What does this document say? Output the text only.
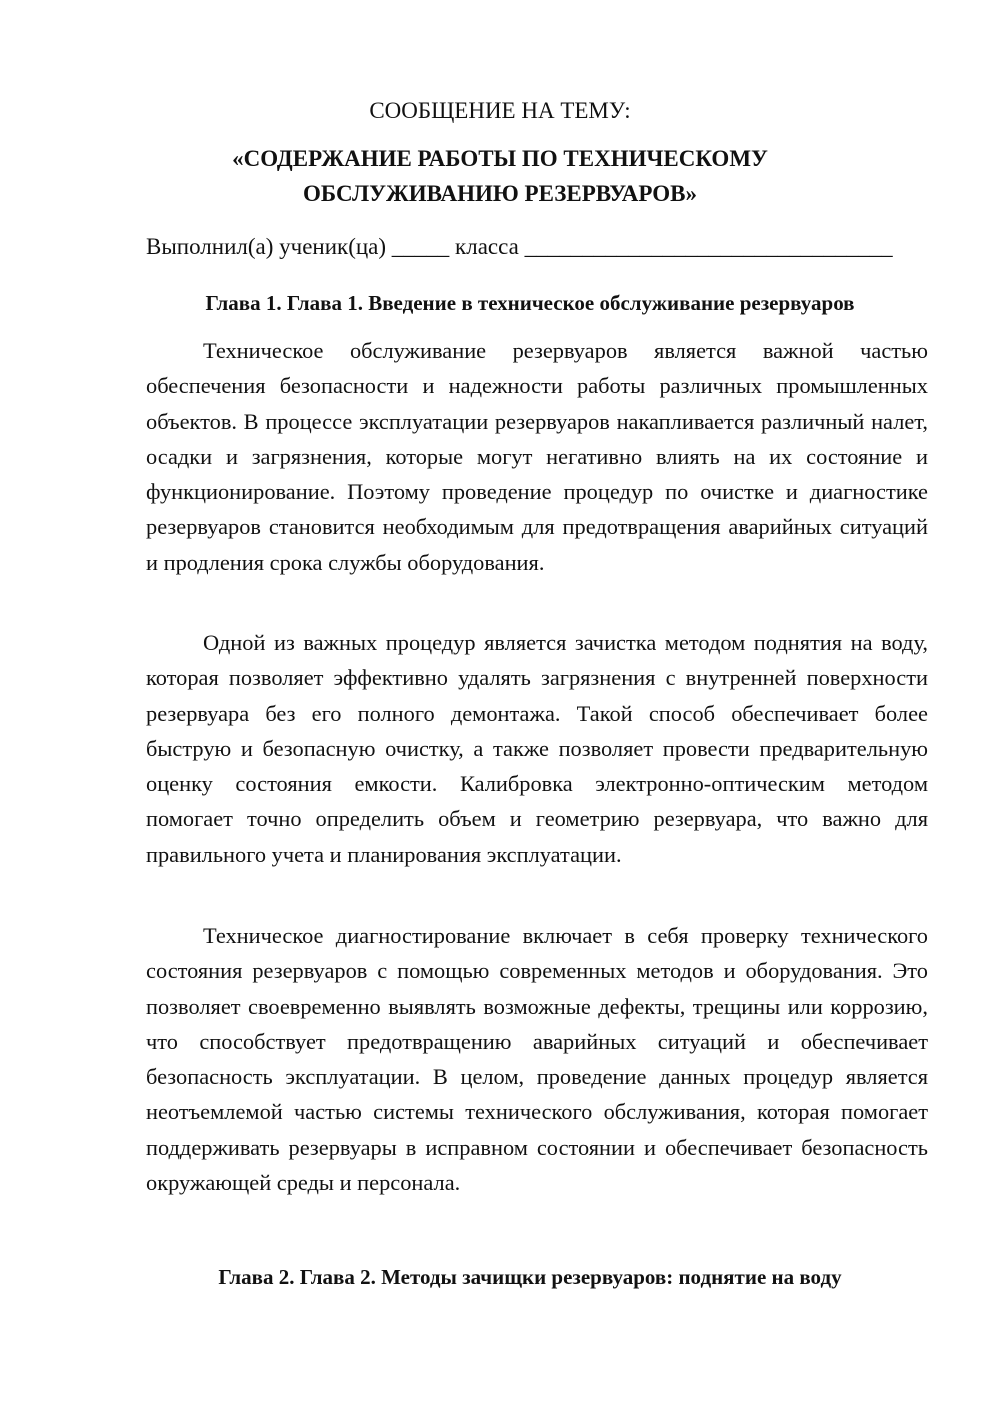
СООБЩЕНИЕ НА ТЕМУ:
«СОДЕРЖАНИЕ РАБОТЫ ПО ТЕХНИЧЕСКОМУ
ОБСЛУЖИВАНИЮ РЕЗЕРВУАРОВ»
Выполнил(а) ученик(ца) _____ класса ________________________________
Глава 1. Глава 1. Введение в техническое обслуживание резервуаров

Техническое обслуживание резервуаров является важной частью обеспечения безопасности и надежности работы различных промышленных объектов. В процессе эксплуатации резервуаров накапливается различный налет, осадки и загрязнения, которые могут негативно влиять на их состояние и функционирование. Поэтому проведение процедур по очистке и диагностике резервуаров становится необходимым для предотвращения аварийных ситуаций и продления срока службы оборудования.

Одной из важных процедур является зачистка методом поднятия на воду, которая позволяет эффективно удалять загрязнения с внутренней поверхности резервуара без его полного демонтажа. Такой способ обеспечивает более быструю и безопасную очистку, а также позволяет провести предварительную оценку состояния емкости. Калибровка электронно-оптическим методом помогает точно определить объем и геометрию резервуара, что важно для правильного учета и планирования эксплуатации.

Техническое диагностирование включает в себя проверку технического состояния резервуаров с помощью современных методов и оборудования. Это позволяет своевременно выявлять возможные дефекты, трещины или коррозию, что способствует предотвращению аварийных ситуаций и обеспечивает безопасность эксплуатации. В целом, проведение данных процедур является неотъемлемой частью системы технического обслуживания, которая помогает поддерживать резервуары в исправном состоянии и обеспечивает безопасность окружающей среды и персонала.

Глава 2. Глава 2. Методы зачищки резервуаров: поднятие на воду
